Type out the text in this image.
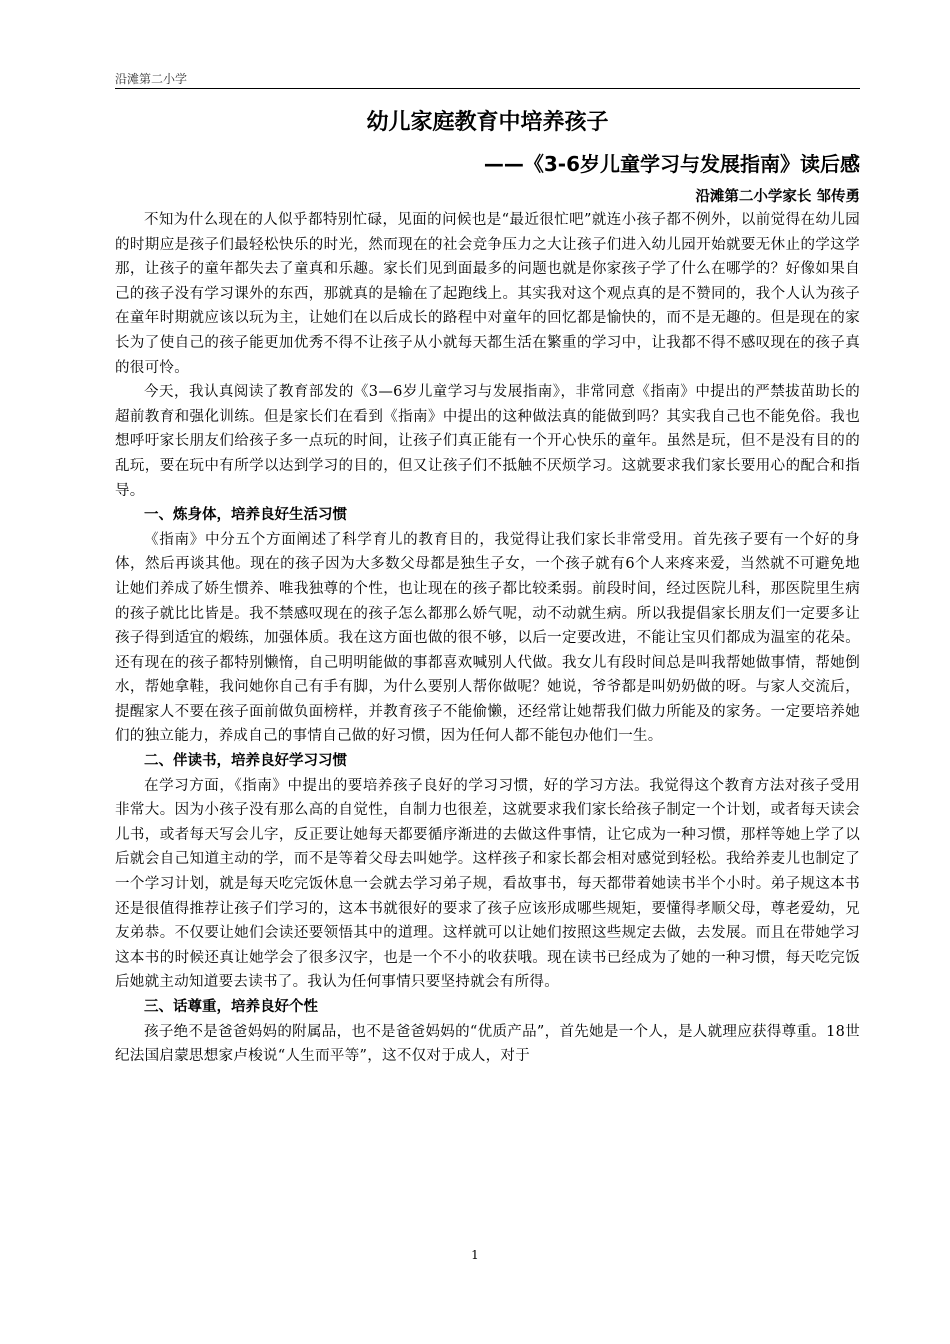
沿滩第二小学
幼儿家庭教育中培养孩子
——《3-6岁儿童学习与发展指南》读后感

沿滩第二小学家长 邹传勇

不知为什么现在的人似乎都特别忙碌，见面的问候也是“最近很忙吧”就连小孩子都不例外，以前觉得在幼儿园的时期应是孩子们最轻松快乐的时光，然而现在的社会竞争压力之大让孩子们进入幼儿园开始就要无休止的学这学那，让孩子的童年都失去了童真和乐趣。家长们见到面最多的问题也就是你家孩子学了什么在哪学的？好像如果自己的孩子没有学习课外的东西，那就真的是输在了起跑线上。其实我对这个观点真的是不赞同的，我个人认为孩子在童年时期就应该以玩为主，让她们在以后成长的路程中对童年的回忆都是愉快的，而不是无趣的。但是现在的家长为了使自己的孩子能更加优秀不得不让孩子从小就每天都生活在繁重的学习中，让我都不得不感叹现在的孩子真的很可怜。

今天，我认真阅读了教育部发的《3—6岁儿童学习与发展指南》，非常同意《指南》中提出的严禁拔苗助长的超前教育和强化训练。但是家长们在看到《指南》中提出的这种做法真的能做到吗？其实我自己也不能免俗。我也想呼吁家长朋友们给孩子多一点玩的时间，让孩子们真正能有一个开心快乐的童年。虽然是玩，但不是没有目的的乱玩，要在玩中有所学以达到学习的目的，但又让孩子们不抵触不厌烦学习。这就要求我们家长要用心的配合和指导。

一、炼身体，培养良好生活习惯

《指南》中分五个方面阐述了科学育儿的教育目的，我觉得让我们家长非常受用。首先孩子要有一个好的身体，然后再谈其他。现在的孩子因为大多数父母都是独生子女，一个孩子就有6个人来疼来爱，当然就不可避免地让她们养成了娇生惯养、唯我独尊的个性，也让现在的孩子都比较柔弱。前段时间，经过医院儿科，那医院里生病的孩子就比比皆是。我不禁感叹现在的孩子怎么都那么娇气呢，动不动就生病。所以我提倡家长朋友们一定要多让孩子得到适宜的煅练，加强体质。我在这方面也做的很不够，以后一定要改进，不能让宝贝们都成为温室的花朵。还有现在的孩子都特别懒惰，自己明明能做的事都喜欢喊别人代做。我女儿有段时间总是叫我帮她做事情，帮她倒水，帮她拿鞋，我问她你自己有手有脚，为什么要别人帮你做呢？她说，爷爷都是叫奶奶做的呀。与家人交流后，提醒家人不要在孩子面前做负面榜样，并教育孩子不能偷懒，还经常让她帮我们做力所能及的家务。一定要培养她们的独立能力，养成自己的事情自己做的好习惯，因为任何人都不能包办他们一生。

二、伴读书，培养良好学习习惯

在学习方面，《指南》中提出的要培养孩子良好的学习习惯，好的学习方法。我觉得这个教育方法对孩子受用非常大。因为小孩子没有那么高的自觉性，自制力也很差，这就要求我们家长给孩子制定一个计划，或者每天读会儿书，或者每天写会儿字，反正要让她每天都要循序渐进的去做这件事情，让它成为一种习惯，那样等她上学了以后就会自己知道主动的学，而不是等着父母去叫她学。这样孩子和家长都会相对感觉到轻松。我给养麦儿也制定了一个学习计划，就是每天吃完饭休息一会就去学习弟子规，看故事书，每天都带着她读书半个小时。弟子规这本书还是很值得推荐让孩子们学习的，这本书就很好的要求了孩子应该形成哪些规矩，要懂得孝顺父母，尊老爱幼，兄友弟恭。不仅要让她们会读还要领悟其中的道理。这样就可以让她们按照这些规定去做，去发展。而且在带她学习这本书的时候还真让她学会了很多汉字，也是一个不小的收获哦。现在读书已经成为了她的一种习惯，每天吃完饭后她就主动知道要去读书了。我认为任何事情只要坚持就会有所得。

三、话尊重，培养良好个性

孩子绝不是爸爸妈妈的附属品，也不是爸爸妈妈的“优质产品”，首先她是一个人，是人就理应获得尊重。18世纪法国启蒙思想家卢梭说“人生而平等”，这不仅对于成人，对于

1
